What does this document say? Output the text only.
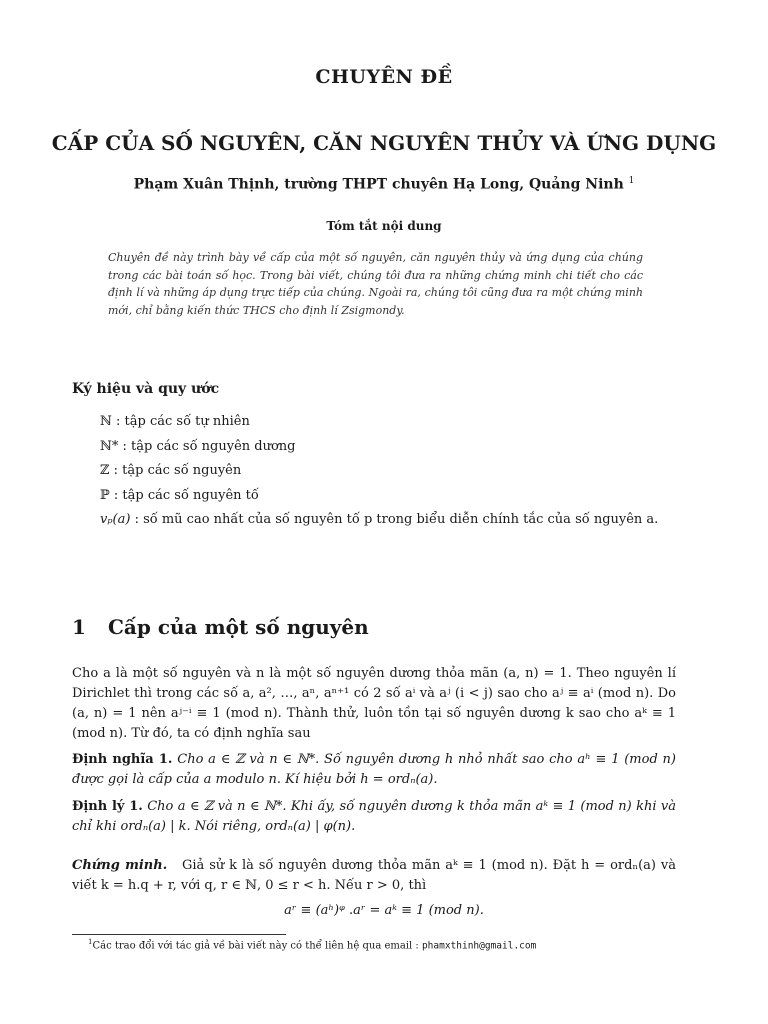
CHUYÊN ĐỀ
CẤP CỦA SỐ NGUYÊN, CĂN NGUYÊN THỦY VÀ ỨNG DỤNG
Phạm Xuân Thịnh, trường THPT chuyên Hạ Long, Quảng Ninh $^1$
Tóm tắt nội dung
Chuyên đề này trình bày về cấp của một số nguyên, căn nguyên thủy và ứng dụng của chúng trong các bài toán số học. Trong bài viết, chúng tôi đưa ra những chứng minh chi tiết cho các định lí và những áp dụng trực tiếp của chúng. Ngoài ra, chúng tôi cũng đưa ra một chứng minh mới, chỉ bằng kiến thức THCS cho định lí Zsigmondy.
Ký hiệu và quy ước
ℕ : tập các số tự nhiên
ℕ* : tập các số nguyên dương
ℤ : tập các số nguyên
ℙ : tập các số nguyên tố
vₚ(a) : số mũ cao nhất của số nguyên tố p trong biểu diễn chính tắc của số nguyên a.
1 Cấp của một số nguyên
Cho a là một số nguyên và n là một số nguyên dương thỏa mãn (a, n) = 1. Theo nguyên lí Dirichlet thì trong các số a, a², …, aⁿ, aⁿ⁺¹ có 2 số aⁱ và aʲ (i < j) sao cho aʲ ≡ aⁱ (mod n). Do (a, n) = 1 nên aʲ⁻ⁱ ≡ 1 (mod n). Thành thử, luôn tồn tại số nguyên dương k sao cho aᵏ ≡ 1 (mod n). Từ đó, ta có định nghĩa sau
Định nghĩa 1. Cho a ∈ ℤ và n ∈ ℕ*. Số nguyên dương h nhỏ nhất sao cho aʰ ≡ 1 (mod n) được gọi là cấp của a modulo n. Kí hiệu bởi h = ordₙ(a).
Định lý 1. Cho a ∈ ℤ và n ∈ ℕ*. Khi ấy, số nguyên dương k thỏa mãn aᵏ ≡ 1 (mod n) khi và chỉ khi ordₙ(a) | k. Nói riêng, ordₙ(a) | φ(n).
Chứng minh. Giả sử k là số nguyên dương thỏa mãn aᵏ ≡ 1 (mod n). Đặt h = ordₙ(a) và viết k = h.q + r, với q, r ∈ ℕ, 0 ≤ r < h. Nếu r > 0, thì
aʳ ≡ (aʰ)ᵠ .aʳ = aᵏ ≡ 1 (mod n).
$^1$Các trao đổi với tác giả về bài viết này có thể liên hệ qua email : phamxthinh@gmail.com
